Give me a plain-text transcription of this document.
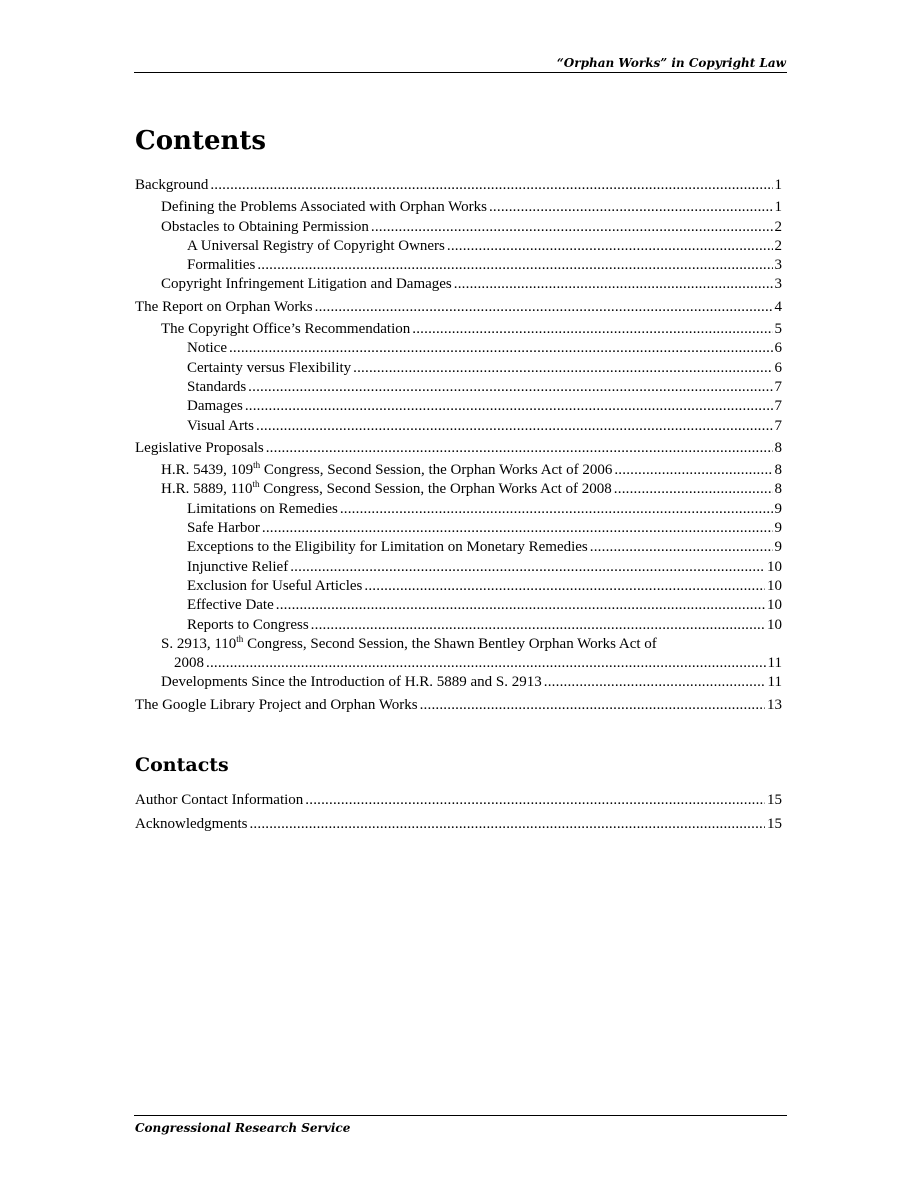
“Orphan Works” in Copyright Law
Contents
Background .....	1
Defining the Problems Associated with Orphan Works .....	1
Obstacles to Obtaining Permission .....	2
A Universal Registry of Copyright Owners .....	2
Formalities .....	3
Copyright Infringement Litigation and Damages .....	3
The Report on Orphan Works .....	4
The Copyright Office’s Recommendation .....	5
Notice .....	6
Certainty versus Flexibility .....	6
Standards .....	7
Damages .....	7
Visual Arts .....	7
Legislative Proposals .....	8
H.R. 5439, 109th Congress, Second Session, the Orphan Works Act of 2006 .....	8
H.R. 5889, 110th Congress, Second Session, the Orphan Works Act of 2008 .....	8
Limitations on Remedies .....	9
Safe Harbor .....	9
Exceptions to the Eligibility for Limitation on Monetary Remedies .....	9
Injunctive Relief .....	10
Exclusion for Useful Articles .....	10
Effective Date .....	10
Reports to Congress .....	10
S. 2913, 110th Congress, Second Session, the Shawn Bentley Orphan Works Act of
2008 .....	11
Developments Since the Introduction of H.R. 5889 and S. 2913 .....	11
The Google Library Project and Orphan Works .....	13
Contacts
Author Contact Information .....	15
Acknowledgments .....	15
Congressional Research Service
